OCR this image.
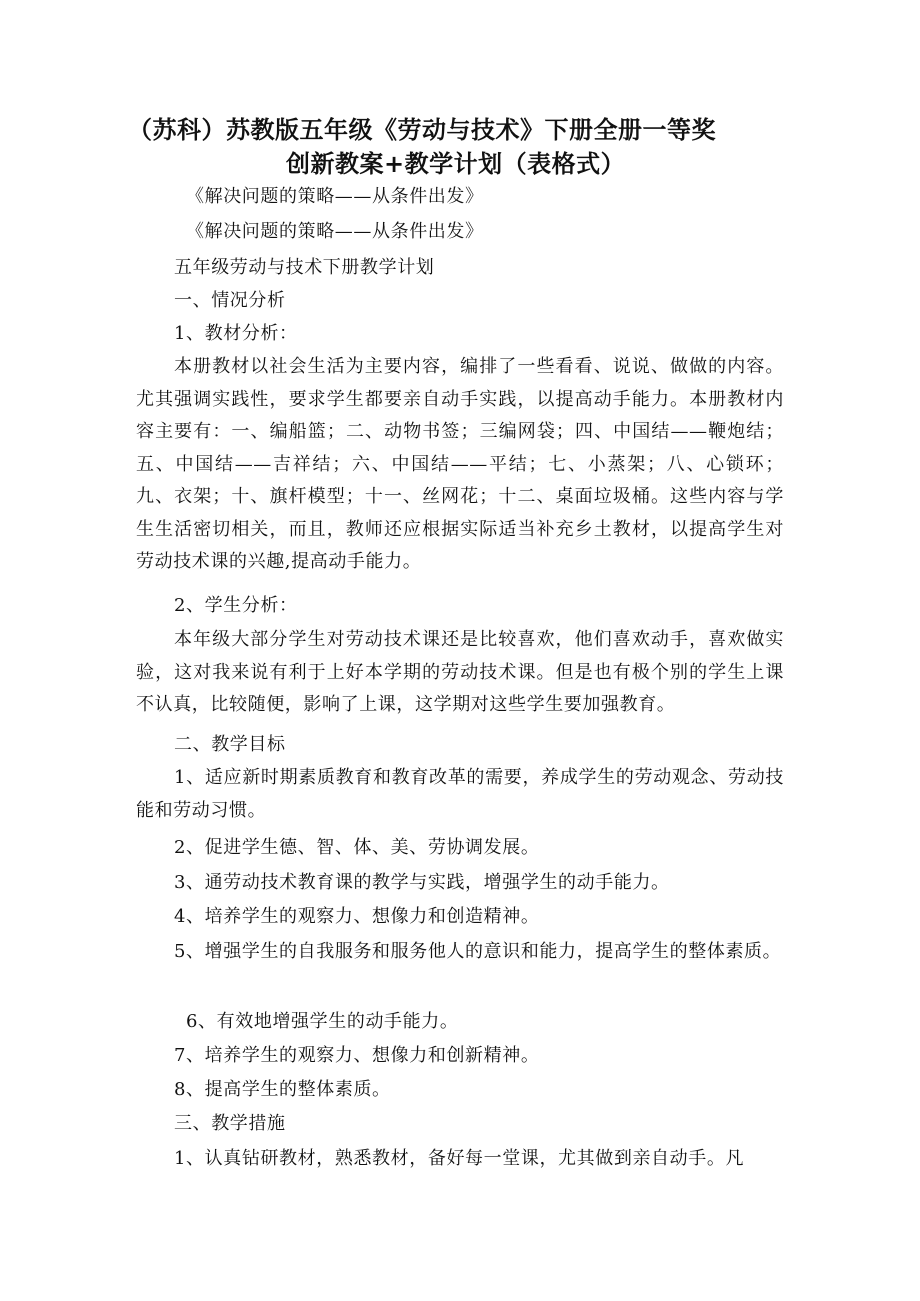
（苏科）苏教版五年级《劳动与技术》下册全册一等奖
创新教案+教学计划（表格式）
《解决问题的策略——从条件出发》
《解决问题的策略——从条件出发》
五年级劳动与技术下册教学计划
一、情况分析
1、教材分析：
本册教材以社会生活为主要内容，编排了一些看看、说说、做做的内容。尤其强调实践性，要求学生都要亲自动手实践，以提高动手能力。本册教材内容主要有：一、编船篮；二、动物书签；三编网袋；四、中国结——鞭炮结；五、中国结——吉祥结；六、中国结——平结；七、小蒸架；八、心锁环；九、衣架；十、旗杆模型；十一、丝网花；十二、桌面垃圾桶。这些内容与学生生活密切相关，而且，教师还应根据实际适当补充乡土教材，以提高学生对劳动技术课的兴趣,提高动手能力。
2、学生分析：
本年级大部分学生对劳动技术课还是比较喜欢，他们喜欢动手，喜欢做实验，这对我来说有利于上好本学期的劳动技术课。但是也有极个别的学生上课不认真，比较随便，影响了上课，这学期对这些学生要加强教育。
二、教学目标
1、适应新时期素质教育和教育改革的需要，养成学生的劳动观念、劳动技能和劳动习惯。
2、促进学生德、智、体、美、劳协调发展。
3、通劳动技术教育课的教学与实践，增强学生的动手能力。
4、培养学生的观察力、想像力和创造精神。
5、增强学生的自我服务和服务他人的意识和能力，提高学生的整体素质。
6、有效地增强学生的动手能力。
7、培养学生的观察力、想像力和创新精神。
8、提高学生的整体素质。
三、教学措施
1、认真钻研教材，熟悉教材，备好每一堂课，尤其做到亲自动手。凡
